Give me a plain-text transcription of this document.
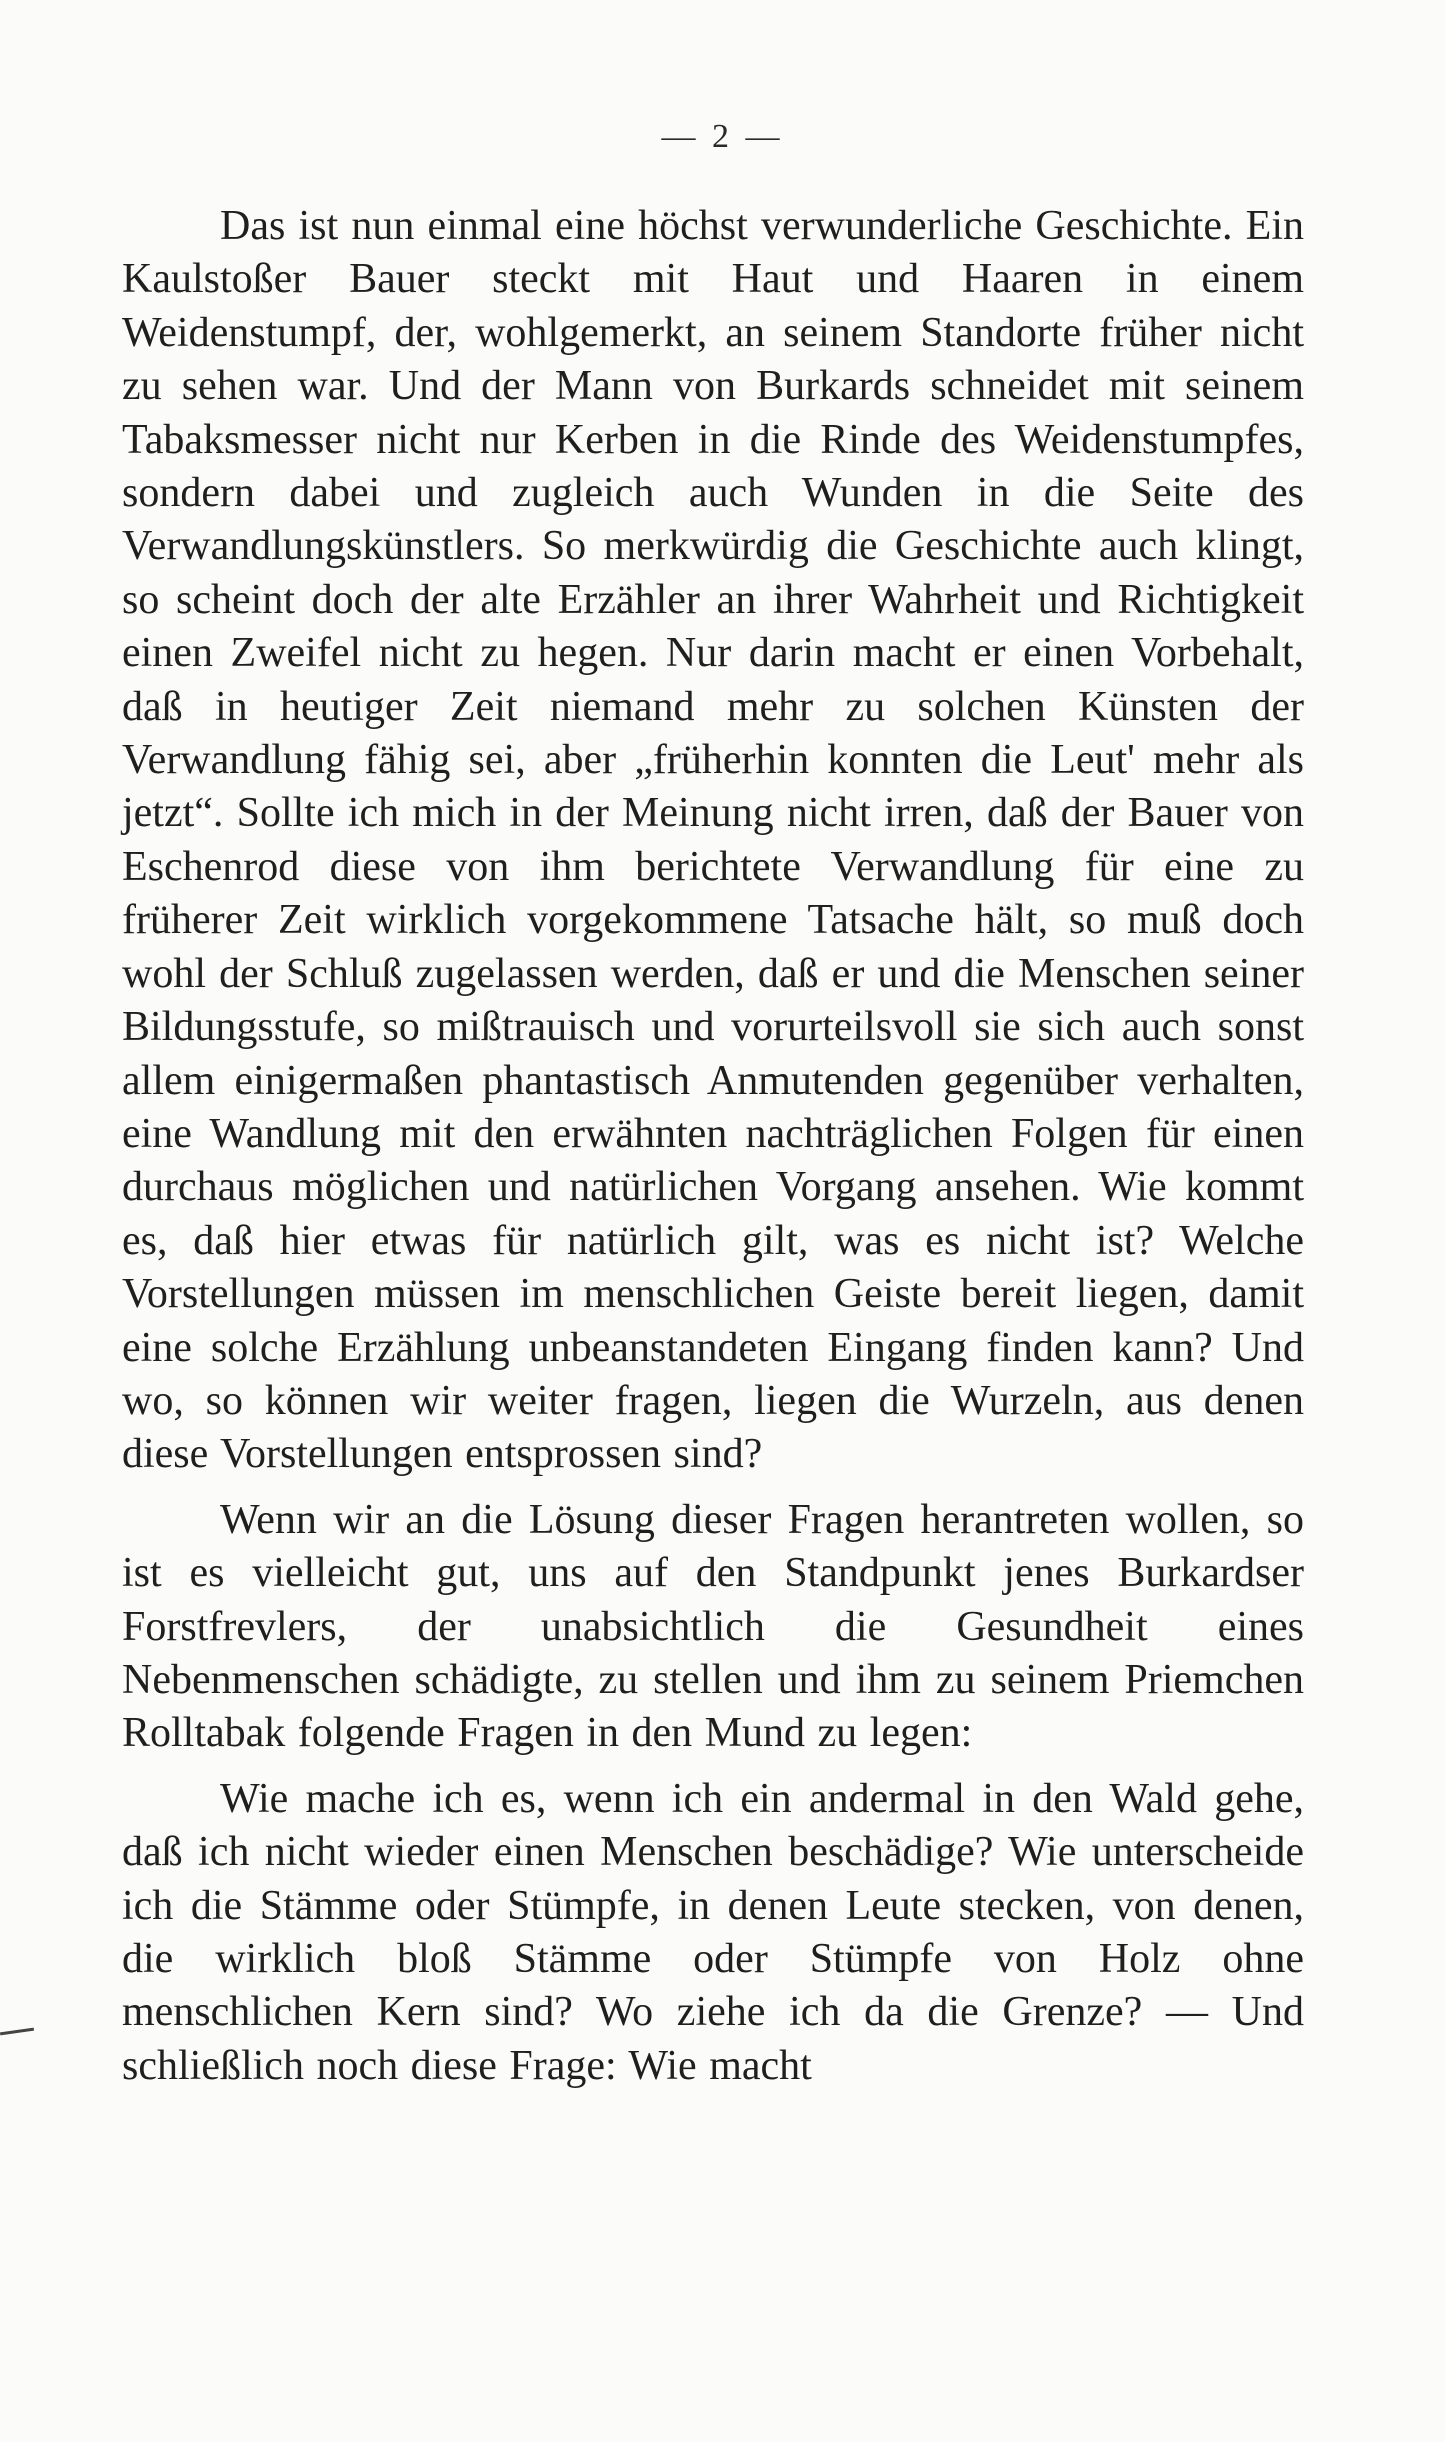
— 2 —

Das ist nun einmal eine höchst verwunderliche Geschichte. Ein Kaulstoßer Bauer steckt mit Haut und Haaren in einem Weidenstumpf, der, wohlgemerkt, an seinem Standorte früher nicht zu sehen war. Und der Mann von Burkards schneidet mit seinem Tabaksmesser nicht nur Kerben in die Rinde des Weidenstumpfes, sondern dabei und zugleich auch Wunden in die Seite des Verwandlungskünstlers. So merkwürdig die Geschichte auch klingt, so scheint doch der alte Erzähler an ihrer Wahrheit und Richtigkeit einen Zweifel nicht zu hegen. Nur darin macht er einen Vorbehalt, daß in heutiger Zeit niemand mehr zu solchen Künsten der Verwandlung fähig sei, aber „früherhin konnten die Leut' mehr als jetzt“. Sollte ich mich in der Meinung nicht irren, daß der Bauer von Eschenrod diese von ihm berichtete Verwandlung für eine zu früherer Zeit wirklich vorgekommene Tatsache hält, so muß doch wohl der Schluß zugelassen werden, daß er und die Menschen seiner Bildungsstufe, so mißtrauisch und vorurteilsvoll sie sich auch sonst allem einigermaßen phantastisch Anmutenden gegenüber verhalten, eine Wandlung mit den erwähnten nachträglichen Folgen für einen durchaus möglichen und natürlichen Vorgang ansehen. Wie kommt es, daß hier etwas für natürlich gilt, was es nicht ist? Welche Vorstellungen müssen im menschlichen Geiste bereit liegen, damit eine solche Erzählung unbeanstandeten Eingang finden kann? Und wo, so können wir weiter fragen, liegen die Wurzeln, aus denen diese Vorstellungen entsprossen sind?

Wenn wir an die Lösung dieser Fragen herantreten wollen, so ist es vielleicht gut, uns auf den Standpunkt jenes Burkardser Forstfrevlers, der unabsichtlich die Gesundheit eines Nebenmenschen schädigte, zu stellen und ihm zu seinem Priemchen Rolltabak folgende Fragen in den Mund zu legen:

Wie mache ich es, wenn ich ein andermal in den Wald gehe, daß ich nicht wieder einen Menschen beschädige? Wie unterscheide ich die Stämme oder Stümpfe, in denen Leute stecken, von denen, die wirklich bloß Stämme oder Stümpfe von Holz ohne menschlichen Kern sind? Wo ziehe ich da die Grenze? — Und schließlich noch diese Frage: Wie macht
